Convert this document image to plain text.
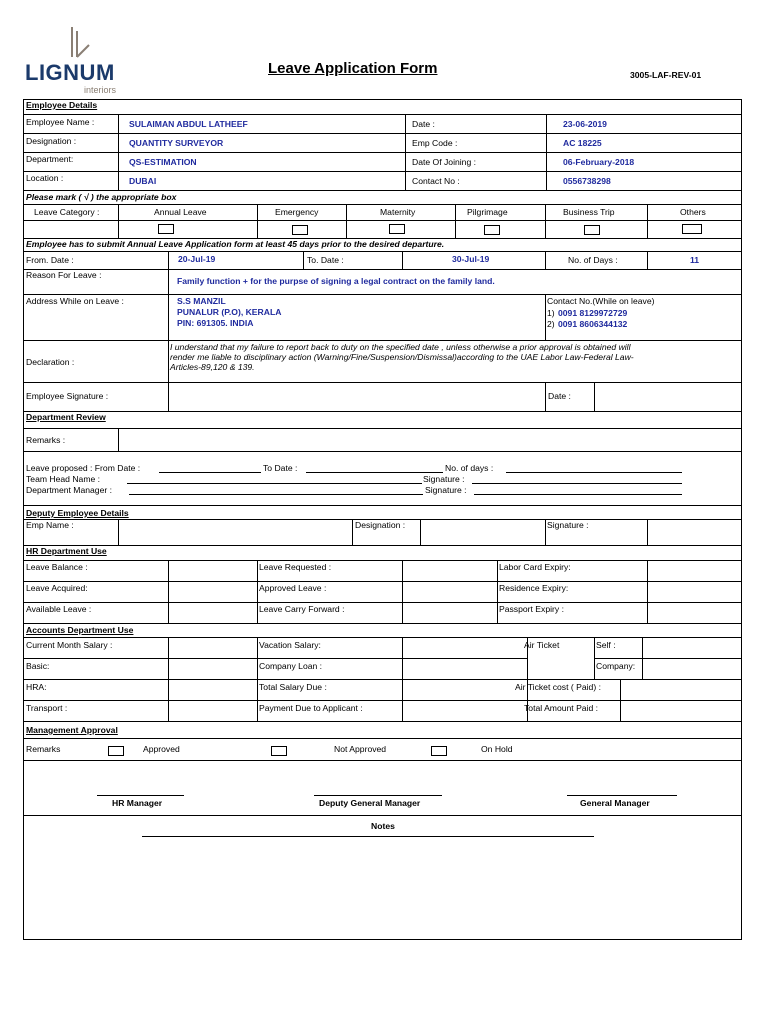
LIGNUM
interiors
Leave Application Form	3005-LAF-REV-01
Employee Details
Employee Name :	SULAIMAN ABDUL LATHEEF	Date :	23-06-2019
Designation :	QUANTITY SURVEYOR	Emp Code :	AC 18225
Department:	QS-ESTIMATION	Date Of Joining :	06-February-2018
Location :	DUBAI	Contact No :	0556738298
Please mark ( √ ) the appropriate box
Leave Category :	Annual Leave	Emergency	Maternity	Pilgrimage	Business Trip	Others
Employee has to submit Annual Leave Application form at least 45 days prior to the desired departure.
From. Date :	20-Jul-19	To. Date :	30-Jul-19	No. of Days :	11
Reason For Leave :
Family function + for the purpse of signing a legal contract on the family land.
Address While on Leave :	S.S MANZIL
PUNALUR (P.O), KERALA
PIN: 691305. INDIA
Contact No.(While on leave)
1) 0091 8129972729
2) 0091 8606344132
Declaration :
I understand that my failure to report back to duty on the specified date , unless otherwise a prior approval is obtained will
render me liable to disciplinary action (Warning/Fine/Suspension/Dismissal)according to the UAE Labor Law-Federal Law-
Articles-89,120 & 139.
Employee Signature :	Date :
Department Review
Remarks :
Leave proposed : From Date :	To Date :	No. of days :
Team Head Name :	Signature :
Department Manager :	Signature :
Deputy Employee Details
Emp Name :	Designation :	Signature :
HR Department Use
Leave Balance :	Leave Requested :	Labor Card Expiry:
Leave Acquired:	Approved Leave :	Residence Expiry:
Available Leave :	Leave Carry Forward :	Passport Expiry :
Accounts Department Use
Current Month Salary :	Vacation Salary:	Air Ticket	Self :
Basic:	Company Loan :	Company:
HRA:	Total Salary Due :	Air Ticket cost ( Paid) :
Transport :	Payment Due to Applicant :	Total Amount Paid :
Management Approval
Remarks	Approved	Not Approved	On Hold
HR Manager	Deputy General Manager	General Manager
Notes
